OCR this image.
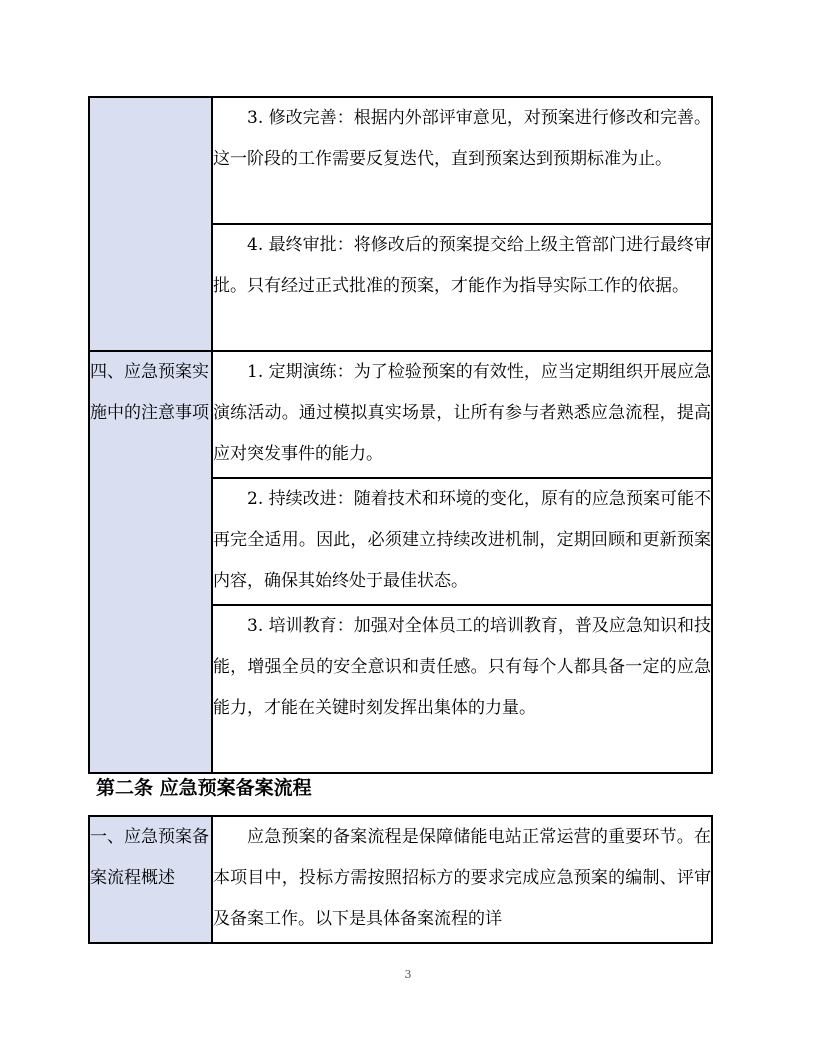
	3. 修改完善：根据内外部评审意见，对预案进行修改和完善。这一阶段的工作需要反复迭代，直到预案达到预期标准为止。
	4. 最终审批：将修改后的预案提交给上级主管部门进行最终审批。只有经过正式批准的预案，才能作为指导实际工作的依据。
四、应急预案实施中的注意事项	1. 定期演练：为了检验预案的有效性，应当定期组织开展应急演练活动。通过模拟真实场景，让所有参与者熟悉应急流程，提高应对突发事件的能力。
	2. 持续改进：随着技术和环境的变化，原有的应急预案可能不再完全适用。因此，必须建立持续改进机制，定期回顾和更新预案内容，确保其始终处于最佳状态。
	3. 培训教育：加强对全体员工的培训教育，普及应急知识和技能，增强全员的安全意识和责任感。只有每个人都具备一定的应急能力，才能在关键时刻发挥出集体的力量。
第二条 应急预案备案流程
一、应急预案备案流程概述	应急预案的备案流程是保障储能电站正常运营的重要环节。在本项目中，投标方需按照招标方的要求完成应急预案的编制、评审及备案工作。以下是具体备案流程的详
3
